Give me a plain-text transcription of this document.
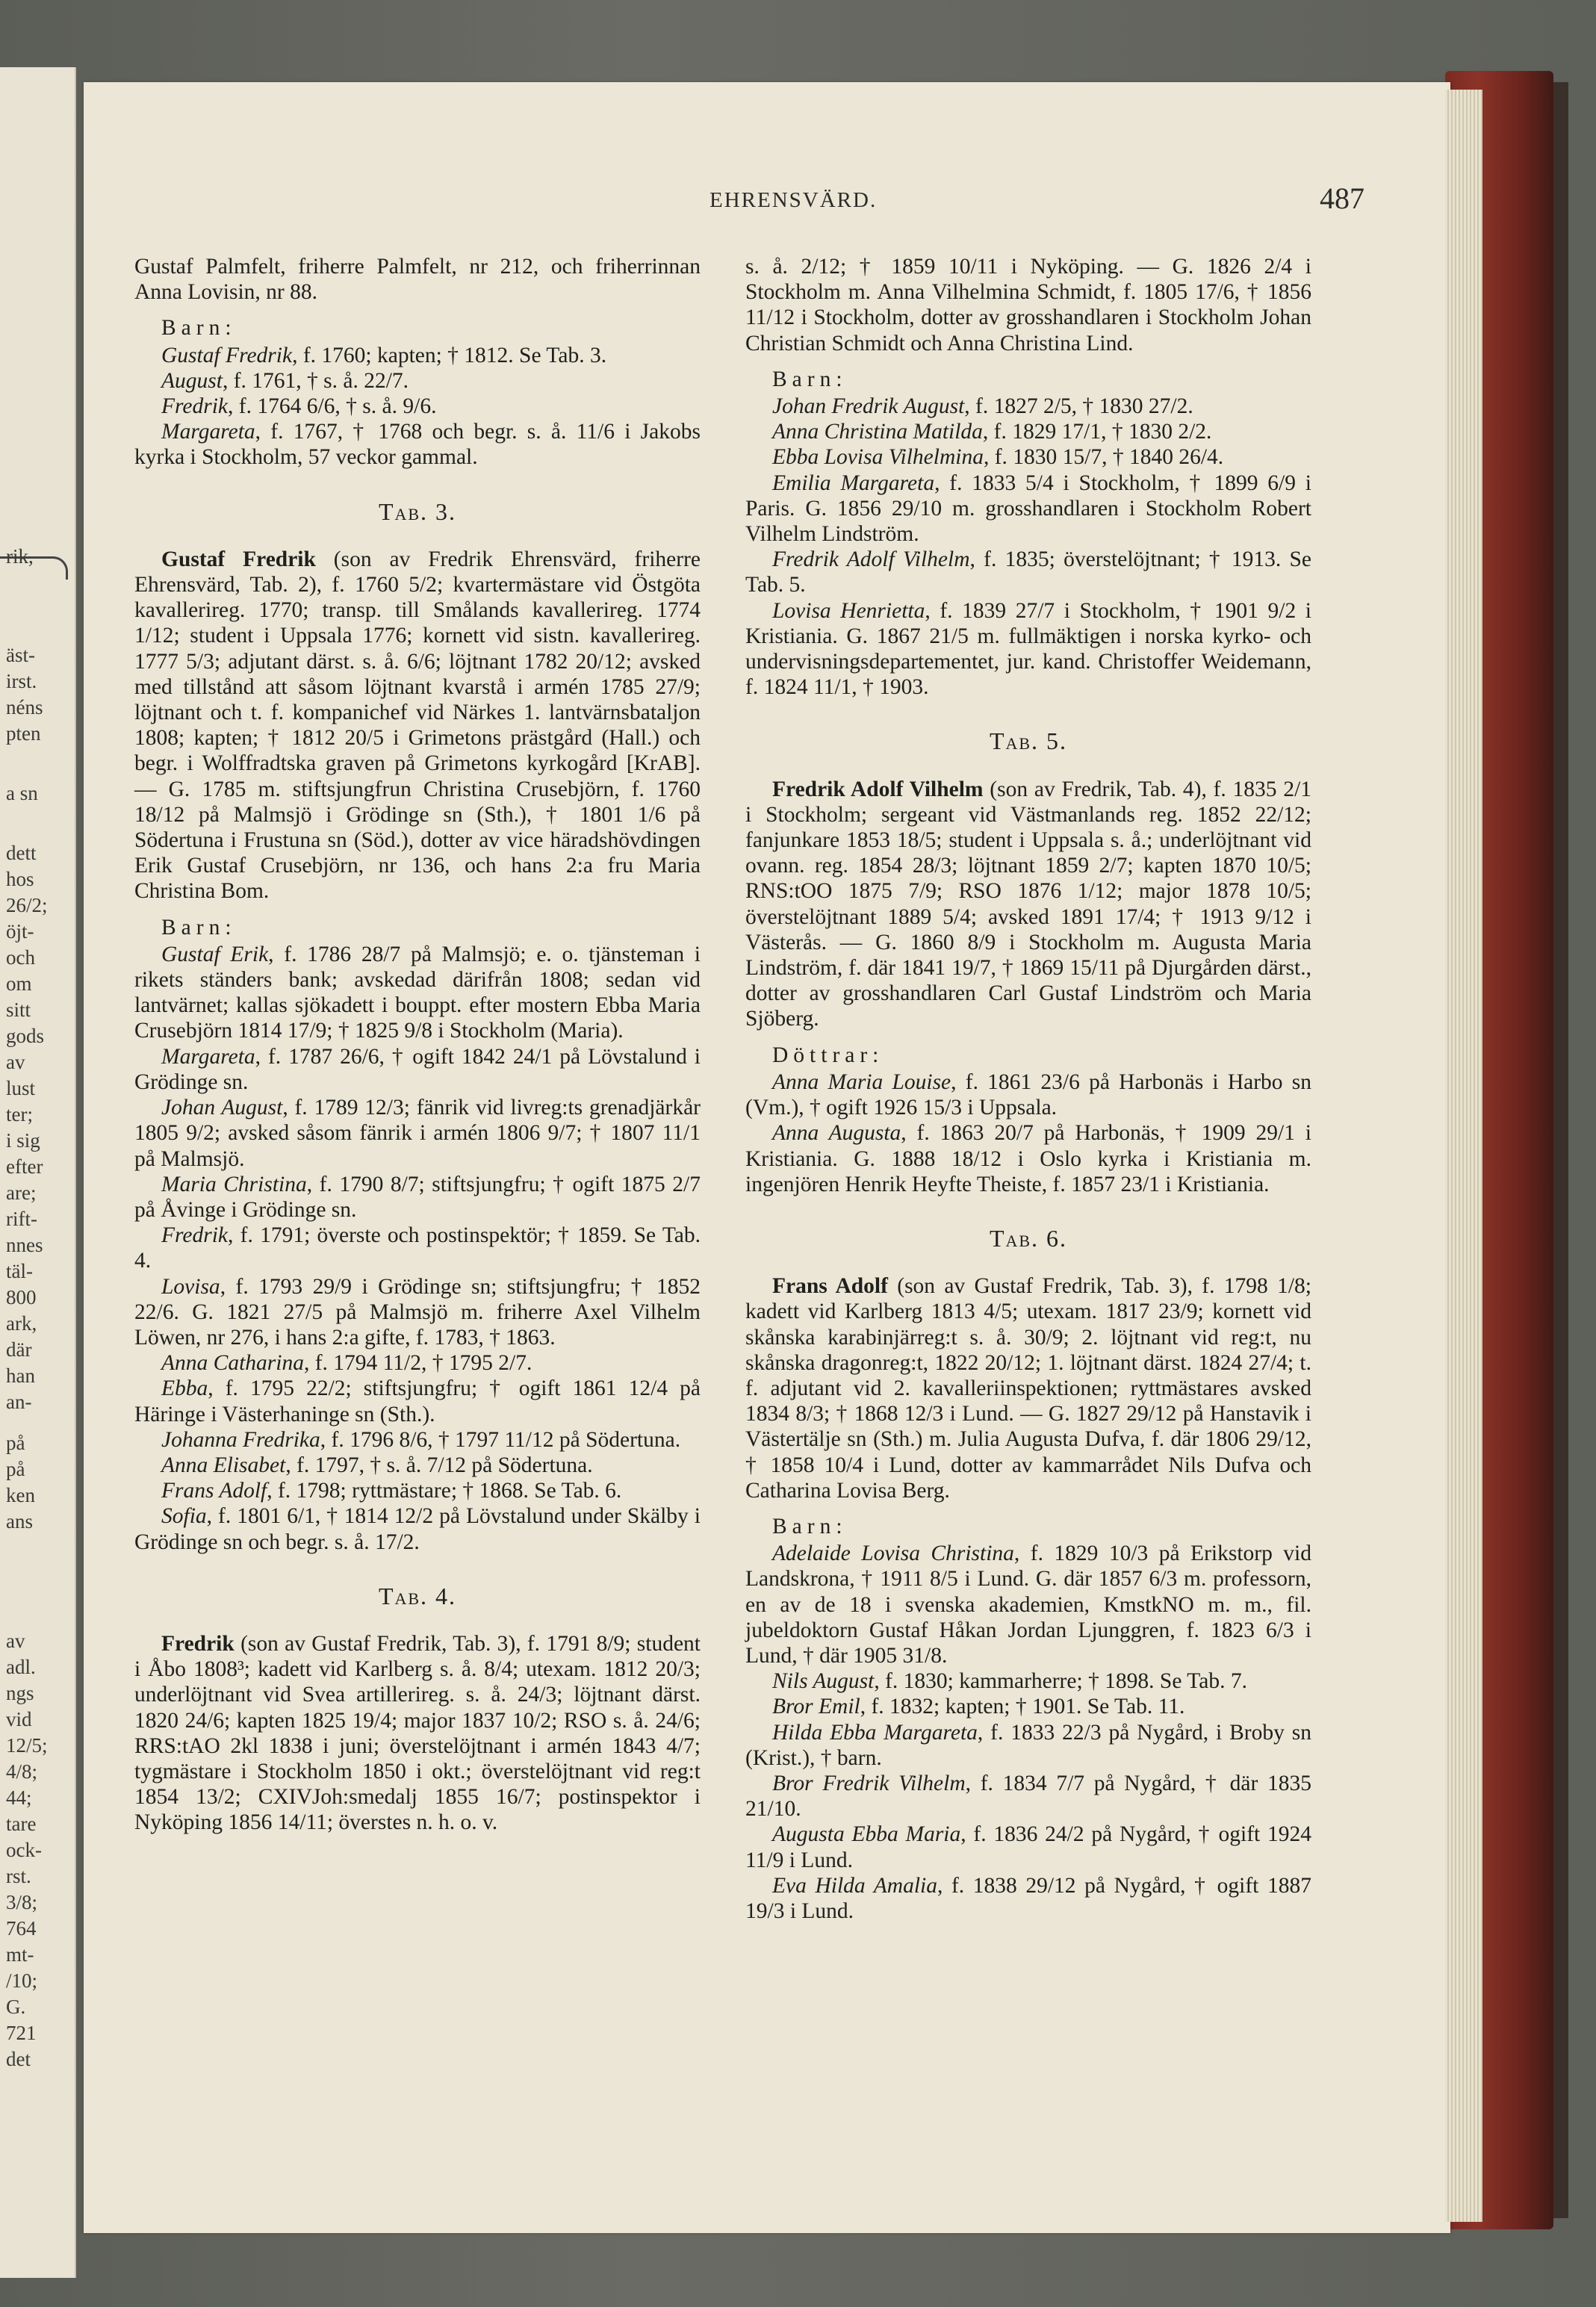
rik,
äst-
irst.
néns
pten
a sn
dett
hos
26/2;
öjt-
och
om
sitt
gods
av
lust
ter;
i sig
efter
are;
rift-
nnes
täl-
800
ark,
där
han
an-
på
på
ken
ans
av
adl.
ngs
vid
12/5;
4/8;
44;
tare
ock-
rst.
3/8;
764
mt-
/10;
G.
721
det
EHRENSVÄRD.	487

Gustaf Palmfelt, friherre Palmfelt, nr 212, och friherrinnan Anna Lovisin, nr 88.

Barn:

Gustaf Fredrik, f. 1760; kapten; † 1812. Se Tab. 3.

August, f. 1761, † s. å. 22/7.

Fredrik, f. 1764 6/6, † s. å. 9/6.

Margareta, f. 1767, † 1768 och begr. s. å. 11/6 i Jakobs kyrka i Stockholm, 57 veckor gammal.

Tab. 3.

Gustaf Fredrik (son av Fredrik Ehrensvärd, friherre Ehrensvärd, Tab. 2), f. 1760 5/2; kvartermästare vid Östgöta kavallerireg. 1770; transp. till Smålands kavallerireg. 1774 1/12; student i Uppsala 1776; kornett vid sistn. kavallerireg. 1777 5/3; adjutant därst. s. å. 6/6; löjtnant 1782 20/12; avsked med tillstånd att såsom löjtnant kvarstå i armén 1785 27/9; löjtnant och t. f. kompanichef vid Närkes 1. lantvärnsbataljon 1808; kapten; † 1812 20/5 i Grimetons prästgård (Hall.) och begr. i Wolffradtska graven på Grimetons kyrkogård [KrAB]. — G. 1785 m. stiftsjungfrun Christina Crusebjörn, f. 1760 18/12 på Malmsjö i Grödinge sn (Sth.), † 1801 1/6 på Södertuna i Frustuna sn (Söd.), dotter av vice häradshövdingen Erik Gustaf Crusebjörn, nr 136, och hans 2:a fru Maria Christina Bom.

Barn:

Gustaf Erik, f. 1786 28/7 på Malmsjö; e. o. tjänsteman i rikets ständers bank; avskedad därifrån 1808; sedan vid lantvärnet; kallas sjökadett i bouppt. efter mostern Ebba Maria Crusebjörn 1814 17/9; † 1825 9/8 i Stockholm (Maria).

Margareta, f. 1787 26/6, † ogift 1842 24/1 på Lövstalund i Grödinge sn.

Johan August, f. 1789 12/3; fänrik vid livreg:ts grenadjärkår 1805 9/2; avsked såsom fänrik i armén 1806 9/7; † 1807 11/1 på Malmsjö.

Maria Christina, f. 1790 8/7; stiftsjungfru; † ogift 1875 2/7 på Åvinge i Grödinge sn.

Fredrik, f. 1791; överste och postinspektör; † 1859. Se Tab. 4.

Lovisa, f. 1793 29/9 i Grödinge sn; stiftsjungfru; † 1852 22/6. G. 1821 27/5 på Malmsjö m. friherre Axel Vilhelm Löwen, nr 276, i hans 2:a gifte, f. 1783, † 1863.

Anna Catharina, f. 1794 11/2, † 1795 2/7.

Ebba, f. 1795 22/2; stiftsjungfru; † ogift 1861 12/4 på Häringe i Västerhaninge sn (Sth.).

Johanna Fredrika, f. 1796 8/6, † 1797 11/12 på Södertuna.

Anna Elisabet, f. 1797, † s. å. 7/12 på Södertuna.

Frans Adolf, f. 1798; ryttmästare; † 1868. Se Tab. 6.

Sofia, f. 1801 6/1, † 1814 12/2 på Lövstalund under Skälby i Grödinge sn och begr. s. å. 17/2.

Tab. 4.

Fredrik (son av Gustaf Fredrik, Tab. 3), f. 1791 8/9; student i Åbo 1808³; kadett vid Karlberg s. å. 8/4; utexam. 1812 20/3; underlöjtnant vid Svea artillerireg. s. å. 24/3; löjtnant därst. 1820 24/6; kapten 1825 19/4; major 1837 10/2; RSO s. å. 24/6; RRS:tAO 2kl 1838 i juni; överstelöjtnant i armén 1843 4/7; tygmästare i Stockholm 1850 i okt.; överstelöjtnant vid reg:t 1854 13/2; CXIVJoh:smedalj 1855 16/7; postinspektor i Nyköping 1856 14/11; överstes n. h. o. v.

s. å. 2/12; † 1859 10/11 i Nyköping. — G. 1826 2/4 i Stockholm m. Anna Vilhelmina Schmidt, f. 1805 17/6, † 1856 11/12 i Stockholm, dotter av grosshandlaren i Stockholm Johan Christian Schmidt och Anna Christina Lind.

Barn:

Johan Fredrik August, f. 1827 2/5, † 1830 27/2.

Anna Christina Matilda, f. 1829 17/1, † 1830 2/2.

Ebba Lovisa Vilhelmina, f. 1830 15/7, † 1840 26/4.

Emilia Margareta, f. 1833 5/4 i Stockholm, † 1899 6/9 i Paris. G. 1856 29/10 m. grosshandlaren i Stockholm Robert Vilhelm Lindström.

Fredrik Adolf Vilhelm, f. 1835; överstelöjtnant; † 1913. Se Tab. 5.

Lovisa Henrietta, f. 1839 27/7 i Stockholm, † 1901 9/2 i Kristiania. G. 1867 21/5 m. fullmäktigen i norska kyrko- och undervisningsdepartementet, jur. kand. Christoffer Weidemann, f. 1824 11/1, † 1903.

Tab. 5.

Fredrik Adolf Vilhelm (son av Fredrik, Tab. 4), f. 1835 2/1 i Stockholm; sergeant vid Västmanlands reg. 1852 22/12; fanjunkare 1853 18/5; student i Uppsala s. å.; underlöjtnant vid ovann. reg. 1854 28/3; löjtnant 1859 2/7; kapten 1870 10/5; RNS:tOO 1875 7/9; RSO 1876 1/12; major 1878 10/5; överstelöjtnant 1889 5/4; avsked 1891 17/4; † 1913 9/12 i Västerås. — G. 1860 8/9 i Stockholm m. Augusta Maria Lindström, f. där 1841 19/7, † 1869 15/11 på Djurgården därst., dotter av grosshandlaren Carl Gustaf Lindström och Maria Sjöberg.

Döttrar:

Anna Maria Louise, f. 1861 23/6 på Harbonäs i Harbo sn (Vm.), † ogift 1926 15/3 i Uppsala.

Anna Augusta, f. 1863 20/7 på Harbonäs, † 1909 29/1 i Kristiania. G. 1888 18/12 i Oslo kyrka i Kristiania m. ingenjören Henrik Heyfte Theiste, f. 1857 23/1 i Kristiania.

Tab. 6.

Frans Adolf (son av Gustaf Fredrik, Tab. 3), f. 1798 1/8; kadett vid Karlberg 1813 4/5; utexam. 1817 23/9; kornett vid skånska karabinjärreg:t s. å. 30/9; 2. löjtnant vid reg:t, nu skånska dragonreg:t, 1822 20/12; 1. löjtnant därst. 1824 27/4; t. f. adjutant vid 2. kavalleriinspektionen; ryttmästares avsked 1834 8/3; † 1868 12/3 i Lund. — G. 1827 29/12 på Hanstavik i Västertälje sn (Sth.) m. Julia Augusta Dufva, f. där 1806 29/12, † 1858 10/4 i Lund, dotter av kammarrådet Nils Dufva och Catharina Lovisa Berg.

Barn:

Adelaide Lovisa Christina, f. 1829 10/3 på Erikstorp vid Landskrona, † 1911 8/5 i Lund. G. där 1857 6/3 m. professorn, en av de 18 i svenska akademien, KmstkNO m. m., fil. jubeldoktorn Gustaf Håkan Jordan Ljunggren, f. 1823 6/3 i Lund, † där 1905 31/8.

Nils August, f. 1830; kammarherre; † 1898. Se Tab. 7.

Bror Emil, f. 1832; kapten; † 1901. Se Tab. 11.

Hilda Ebba Margareta, f. 1833 22/3 på Nygård, i Broby sn (Krist.), † barn.

Bror Fredrik Vilhelm, f. 1834 7/7 på Nygård, † där 1835 21/10.

Augusta Ebba Maria, f. 1836 24/2 på Nygård, † ogift 1924 11/9 i Lund.

Eva Hilda Amalia, f. 1838 29/12 på Nygård, † ogift 1887 19/3 i Lund.
